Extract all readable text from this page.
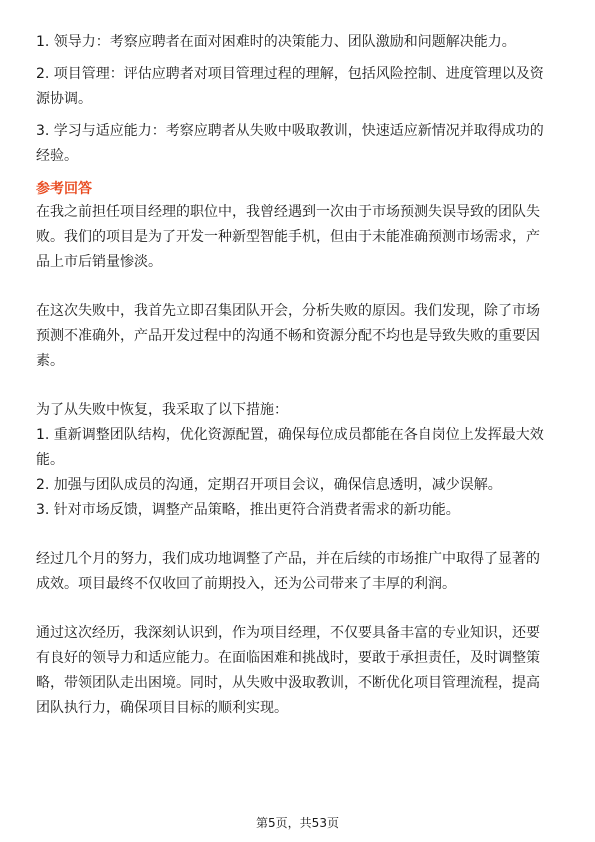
1. 领导力：考察应聘者在面对困难时的决策能力、团队激励和问题解决能力。

2. 项目管理：评估应聘者对项目管理过程的理解，包括风险控制、进度管理以及资

源协调。

3. 学习与适应能力：考察应聘者从失败中吸取教训，快速适应新情况并取得成功的

经验。

参考回答

在我之前担任项目经理的职位中，我曾经遇到一次由于市场预测失误导致的团队失

败。我们的项目是为了开发一种新型智能手机，但由于未能准确预测市场需求，产

品上市后销量惨淡。

在这次失败中，我首先立即召集团队开会，分析失败的原因。我们发现，除了市场

预测不准确外，产品开发过程中的沟通不畅和资源分配不均也是导致失败的重要因

素。

为了从失败中恢复，我采取了以下措施：

1. 重新调整团队结构，优化资源配置，确保每位成员都能在各自岗位上发挥最大效

能。

2. 加强与团队成员的沟通，定期召开项目会议，确保信息透明，减少误解。

3. 针对市场反馈，调整产品策略，推出更符合消费者需求的新功能。

经过几个月的努力，我们成功地调整了产品，并在后续的市场推广中取得了显著的

成效。项目最终不仅收回了前期投入，还为公司带来了丰厚的利润。

通过这次经历，我深刻认识到，作为项目经理，不仅要具备丰富的专业知识，还要

有良好的领导力和适应能力。在面临困难和挑战时，要敢于承担责任，及时调整策

略，带领团队走出困境。同时，从失败中汲取教训，不断优化项目管理流程，提高

团队执行力，确保项目目标的顺利实现。

第5页，共53页
